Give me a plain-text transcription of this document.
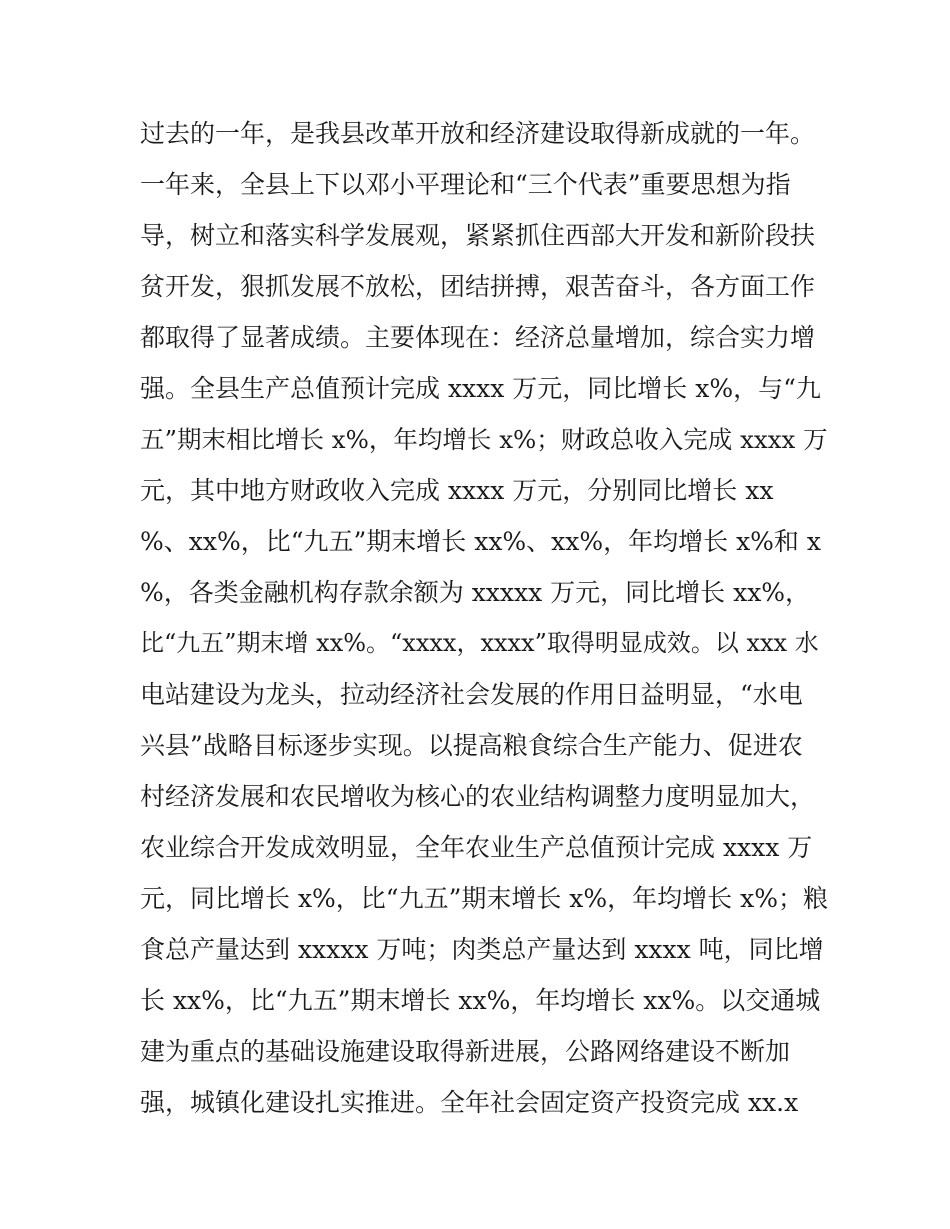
过去的一年，是我县改革开放和经济建设取得新成就的一年。
一年来，全县上下以邓小平理论和“三个代表”重要思想为指
导，树立和落实科学发展观，紧紧抓住西部大开发和新阶段扶
贫开发，狠抓发展不放松，团结拼搏，艰苦奋斗，各方面工作
都取得了显著成绩。主要体现在：经济总量增加，综合实力增
强。全县生产总值预计完成 xxxx 万元，同比增长 x%，与“九
五”期末相比增长 x%，年均增长 x%；财政总收入完成 xxxx 万
元，其中地方财政收入完成 xxxx 万元，分别同比增长 xx
%、xx%，比“九五”期末增长 xx%、xx%，年均增长 x%和 x
%，各类金融机构存款余额为 xxxxx 万元，同比增长 xx%，
比“九五”期末增 xx%。“xxxx，xxxx”取得明显成效。以 xxx 水
电站建设为龙头，拉动经济社会发展的作用日益明显，“水电
兴县”战略目标逐步实现。以提高粮食综合生产能力、促进农
村经济发展和农民增收为核心的农业结构调整力度明显加大，
农业综合开发成效明显，全年农业生产总值预计完成 xxxx 万
元，同比增长 x%，比“九五”期末增长 x%，年均增长 x%；粮
食总产量达到 xxxxx 万吨；肉类总产量达到 xxxx 吨，同比增
长 xx%，比“九五”期末增长 xx%，年均增长 xx%。以交通城
建为重点的基础设施建设取得新进展，公路网络建设不断加
强，城镇化建设扎实推进。全年社会固定资产投资完成 xx.x
